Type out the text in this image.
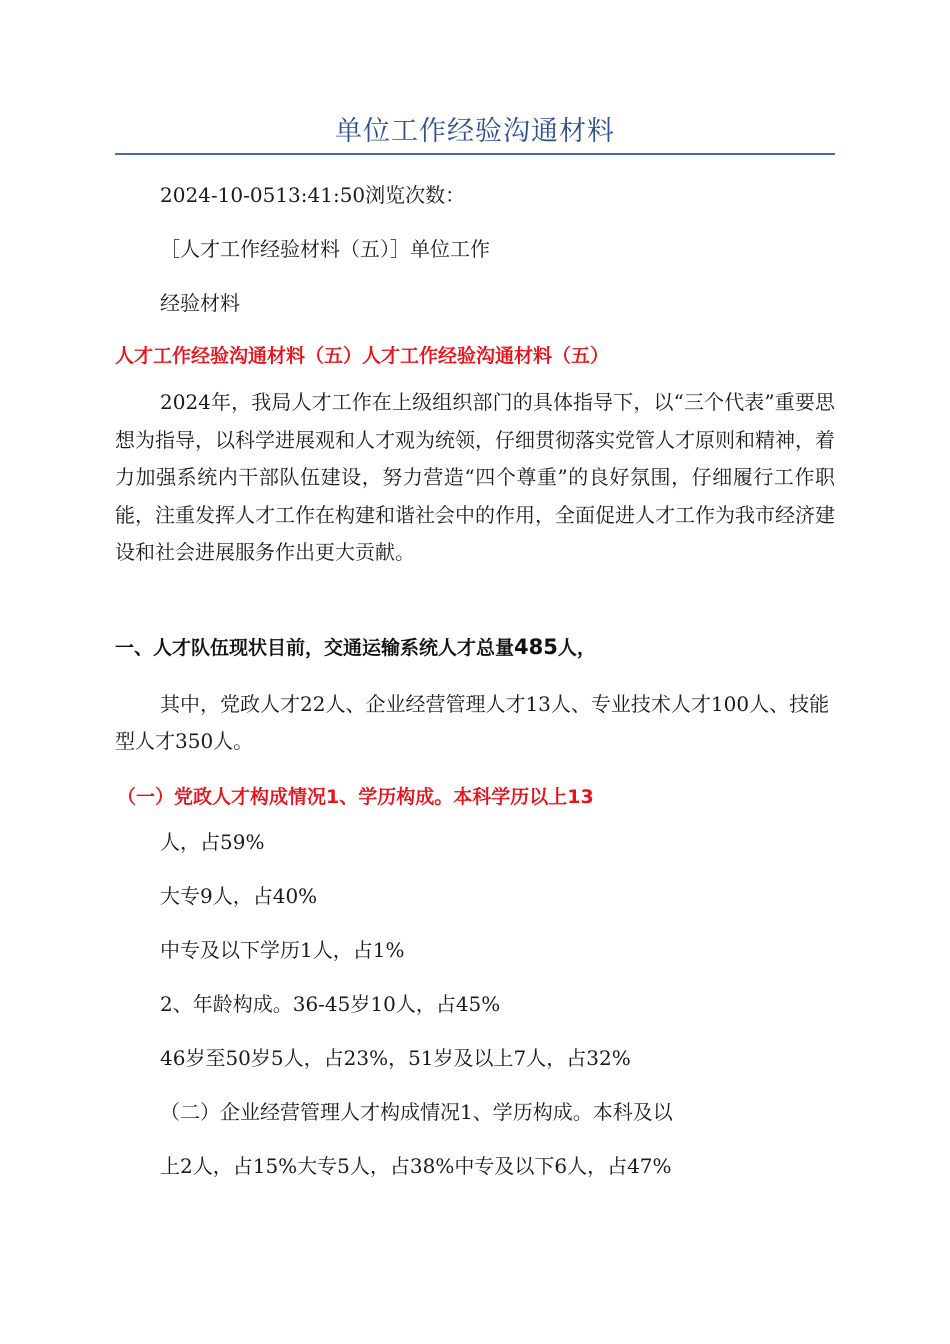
单位工作经验沟通材料
2024-10-0513:41:50浏览次数：
［人才工作经验材料（五）］单位工作
经验材料
人才工作经验沟通材料（五）人才工作经验沟通材料（五）

2024年，我局人才工作在上级组织部门的具体指导下，以“三个代表”重要思想为指导，以科学进展观和人才观为统领，仔细贯彻落实党管人才原则和精神，着力加强系统内干部队伍建设，努力营造“四个尊重”的良好氛围，仔细履行工作职能，注重发挥人才工作在构建和谐社会中的作用，全面促进人才工作为我市经济建设和社会进展服务作出更大贡献。

一、人才队伍现状目前，交通运输系统人才总量485人，

其中，党政人才22人、企业经营管理人才13人、专业技术人才100人、技能型人才350人。

（一）党政人才构成情况1、学历构成。本科学历以上13
人，占59%
大专9人，占40%
中专及以下学历1人，占1%
2、年龄构成。36-45岁10人，占45%
46岁至50岁5人，占23%，51岁及以上7人，占32%
（二）企业经营管理人才构成情况1、学历构成。本科及以
上2人，占15%大专5人，占38%中专及以下6人，占47%
